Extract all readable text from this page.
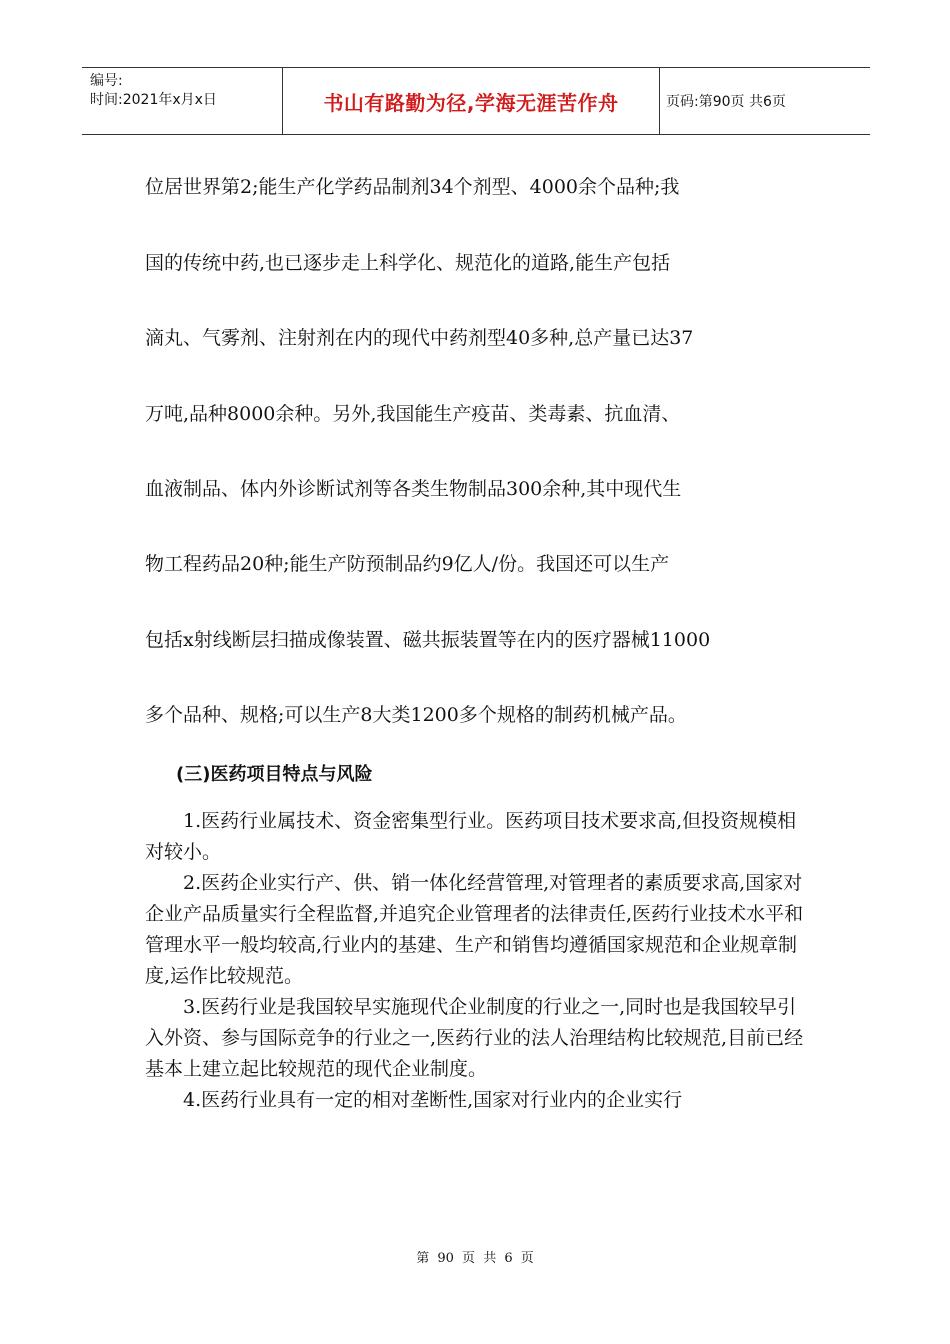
编号:
时间:2021年x月x日	书山有路勤为径,学海无涯苦作舟	页码:第90页 共6页
位居世界第2;能生产化学药品制剂34个剂型、4000余个品种;我
国的传统中药,也已逐步走上科学化、规范化的道路,能生产包括
滴丸、气雾剂、注射剂在内的现代中药剂型40多种,总产量已达37
万吨,品种8000余种。另外,我国能生产疫苗、类毒素、抗血清、
血液制品、体内外诊断试剂等各类生物制品300余种,其中现代生
物工程药品20种;能生产防预制品约9亿人/份。我国还可以生产
包括x射线断层扫描成像装置、磁共振装置等在内的医疗器械11000
多个品种、规格;可以生产8大类1200多个规格的制药机械产品。
(三)医药项目特点与风险

1.医药行业属技术、资金密集型行业。医药项目技术要求高,但投资规模相对较小。

2.医药企业实行产、供、销一体化经营管理,对管理者的素质要求高,国家对企业产品质量实行全程监督,并追究企业管理者的法律责任,医药行业技术水平和管理水平一般均较高,行业内的基建、生产和销售均遵循国家规范和企业规章制度,运作比较规范。

3.医药行业是我国较早实施现代企业制度的行业之一,同时也是我国较早引入外资、参与国际竞争的行业之一,医药行业的法人治理结构比较规范,目前已经基本上建立起比较规范的现代企业制度。

4.医药行业具有一定的相对垄断性,国家对行业内的企业实行

第 90 页 共 6 页
